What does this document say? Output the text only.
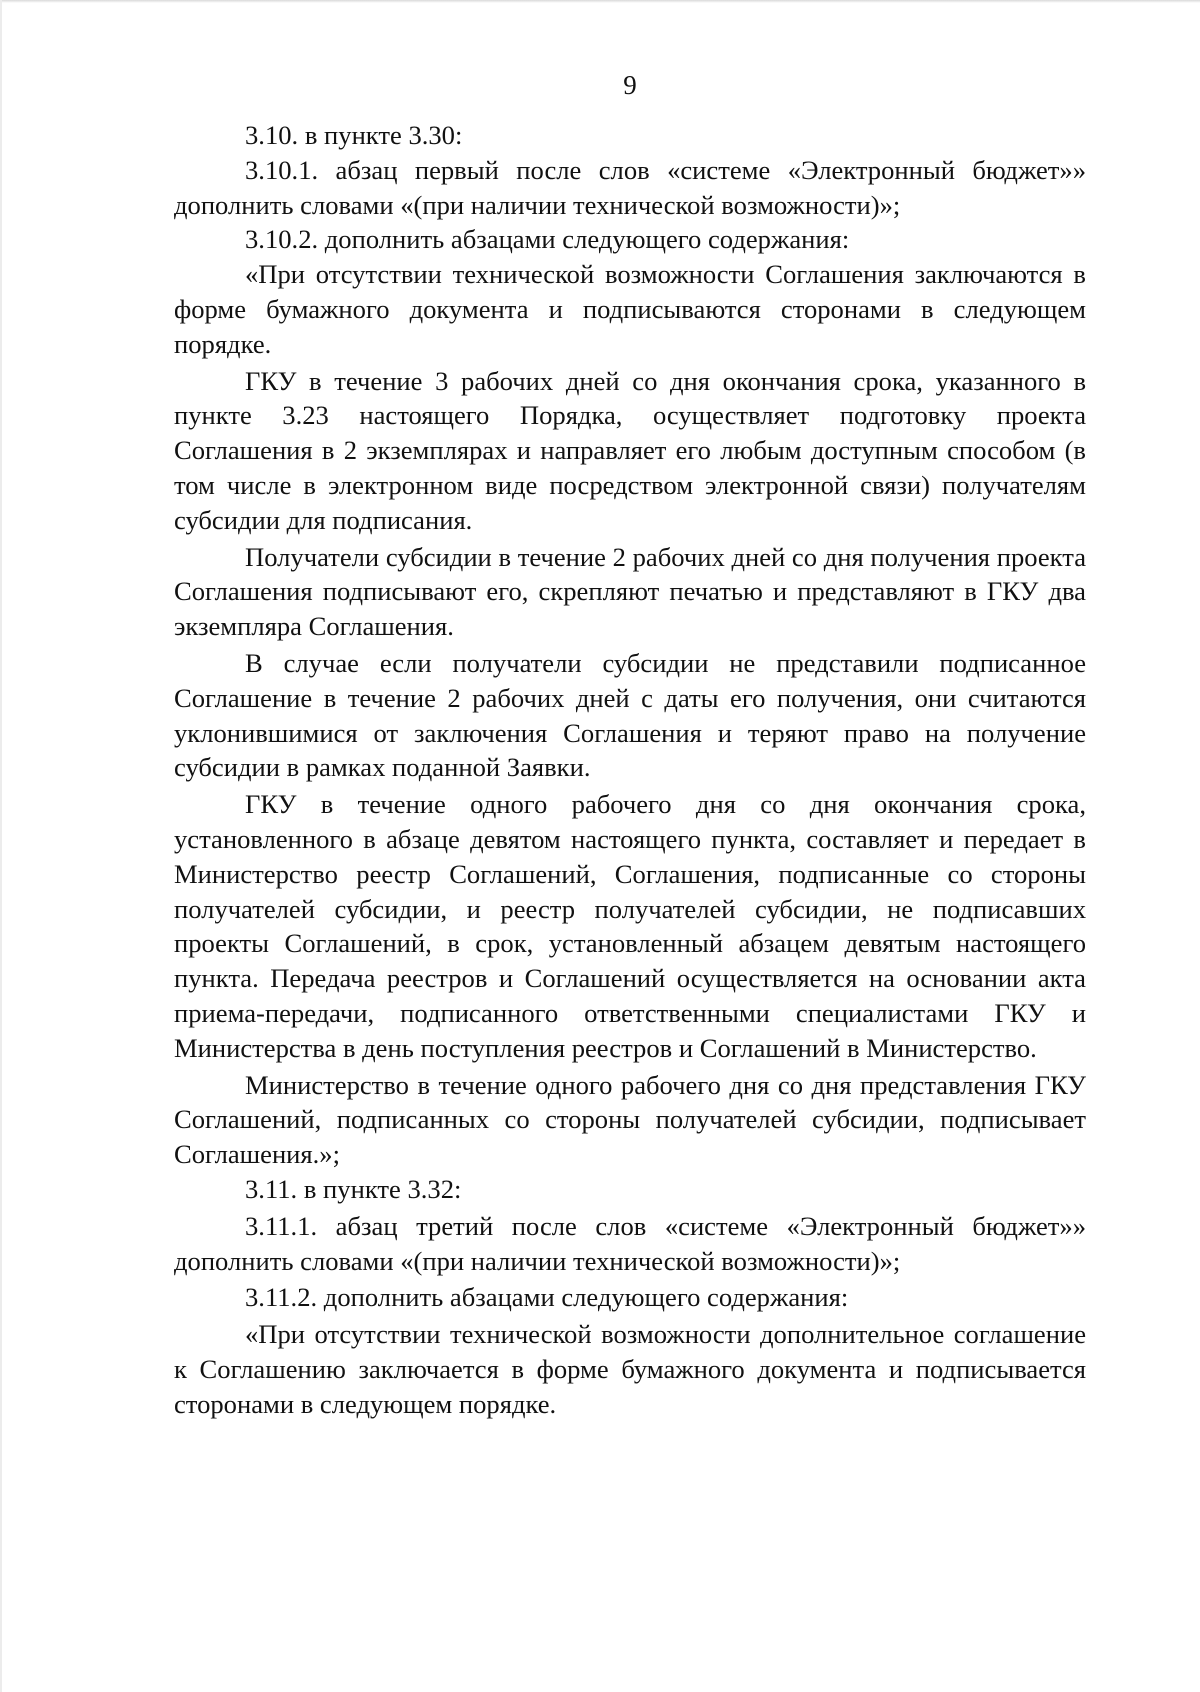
9

3.10. в пункте 3.30:

3.10.1. абзац первый после слов «системе «Электронный бюджет»» дополнить словами «(при наличии технической возможности)»;

3.10.2. дополнить абзацами следующего содержания:

«При отсутствии технической возможности Соглашения заключаются в форме бумажного документа и подписываются сторонами в следующем порядке.

ГКУ в течение 3 рабочих дней со дня окончания срока, указанного в пункте 3.23 настоящего Порядка, осуществляет подготовку проекта Соглашения в 2 экземплярах и направляет его любым доступным способом (в том числе в электронном виде посредством электронной связи) получателям субсидии для подписания.

Получатели субсидии в течение 2 рабочих дней со дня получения проекта Соглашения подписывают его, скрепляют печатью и представляют в ГКУ два экземпляра Соглашения.

В случае если получатели субсидии не представили подписанное Соглашение в течение 2 рабочих дней с даты его получения, они считаются уклонившимися от заключения Соглашения и теряют право на получение субсидии в рамках поданной Заявки.

ГКУ в течение одного рабочего дня со дня окончания срока, установленного в абзаце девятом настоящего пункта, составляет и передает в Министерство реестр Соглашений, Соглашения, подписанные со стороны получателей субсидии, и реестр получателей субсидии, не подписавших проекты Соглашений, в срок, установленный абзацем девятым настоящего пункта. Передача реестров и Соглашений осуществляется на основании акта приема-передачи, подписанного ответственными специалистами ГКУ и Министерства в день поступления реестров и Соглашений в Министерство.

Министерство в течение одного рабочего дня со дня представления ГКУ Соглашений, подписанных со стороны получателей субсидии, подписывает Соглашения.»;

3.11. в пункте 3.32:

3.11.1. абзац третий после слов «системе «Электронный бюджет»» дополнить словами «(при наличии технической возможности)»;

3.11.2. дополнить абзацами следующего содержания:

«При отсутствии технической возможности дополнительное соглашение к Соглашению заключается в форме бумажного документа и подписывается сторонами в следующем порядке.
